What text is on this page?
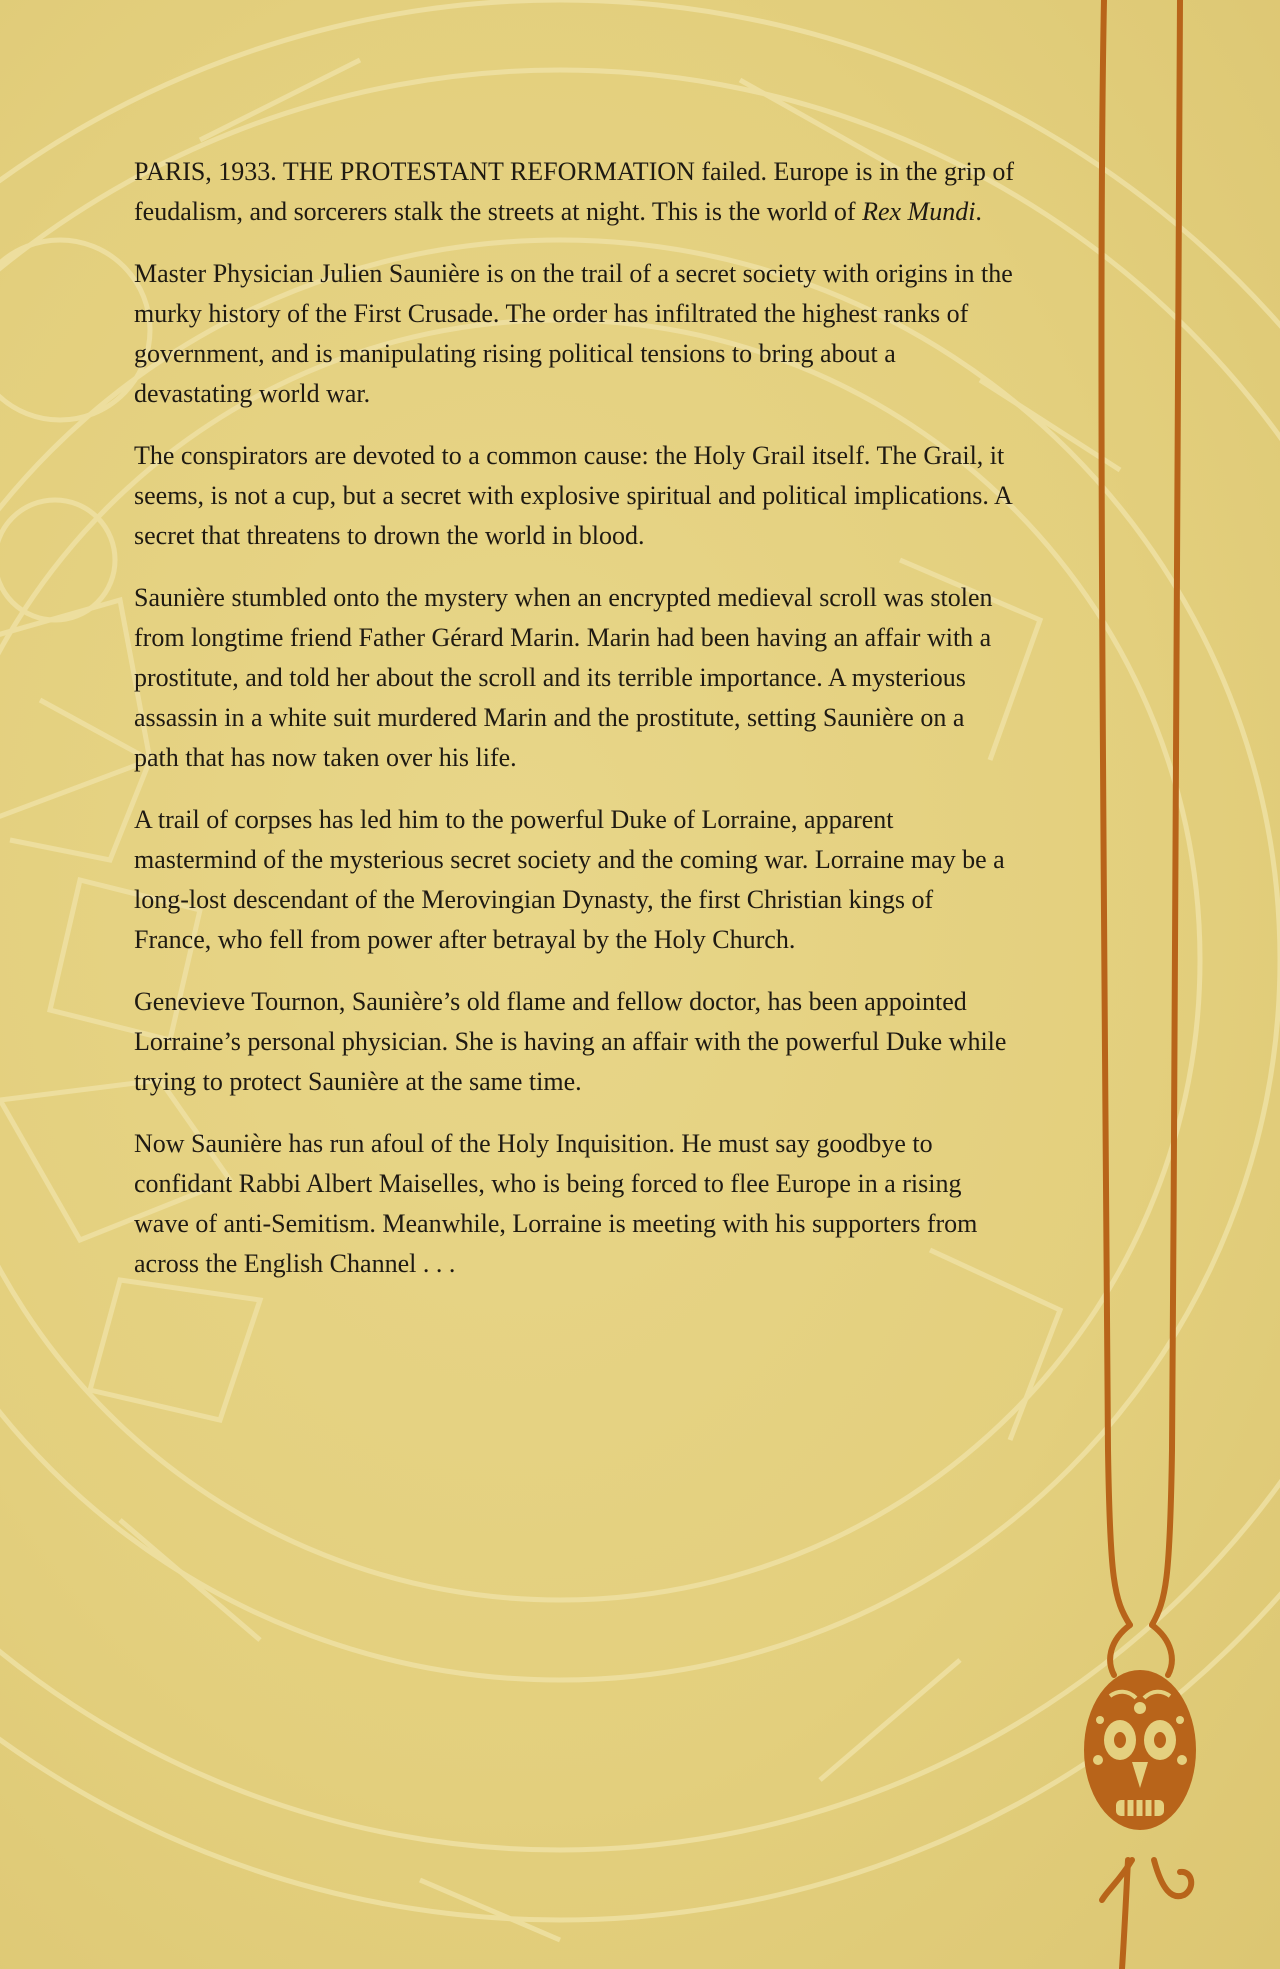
PARIS, 1933. THE PROTESTANT REFORMATION failed. Europe is in the grip of feudalism, and sorcerers stalk the streets at night. This is the world of Rex Mundi.

Master Physician Julien Saunière is on the trail of a secret society with origins in the murky history of the First Crusade. The order has infiltrated the highest ranks of government, and is manipulating rising political tensions to bring about a devastating world war.

The conspirators are devoted to a common cause: the Holy Grail itself. The Grail, it seems, is not a cup, but a secret with explosive spiritual and political implications. A secret that threatens to drown the world in blood.

Saunière stumbled onto the mystery when an encrypted medieval scroll was stolen from longtime friend Father Gérard Marin. Marin had been having an affair with a prostitute, and told her about the scroll and its terrible importance. A mysterious assassin in a white suit murdered Marin and the prostitute, setting Saunière on a path that has now taken over his life.

A trail of corpses has led him to the powerful Duke of Lorraine, apparent mastermind of the mysterious secret society and the coming war. Lorraine may be a long-lost descendant of the Merovingian Dynasty, the first Christian kings of France, who fell from power after betrayal by the Holy Church.

Genevieve Tournon, Saunière’s old flame and fellow doctor, has been appointed Lorraine’s personal physician. She is having an affair with the powerful Duke while trying to protect Saunière at the same time.

Now Saunière has run afoul of the Holy Inquisition. He must say goodbye to confidant Rabbi Albert Maiselles, who is being forced to flee Europe in a rising wave of anti-Semitism. Meanwhile, Lorraine is meeting with his supporters from across the English Channel . . .
